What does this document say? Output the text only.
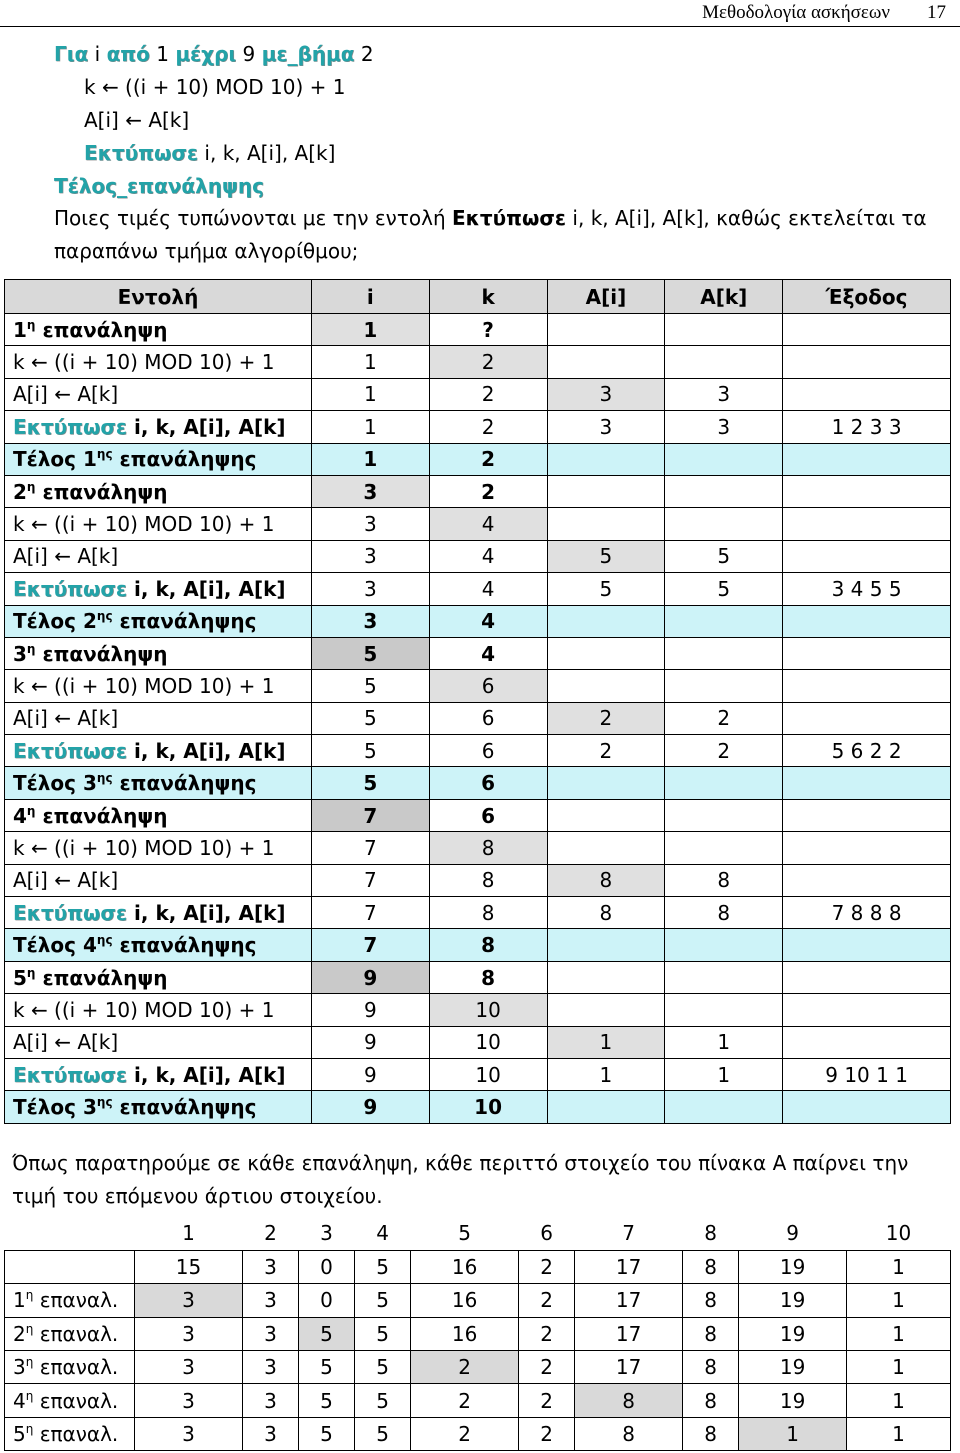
Μεθοδολογία ασκήσεων 17
Για i από 1 μέχρι 9 με_βήμα 2
k ← ((i + 10) MOD 10) + 1
A[i] ← A[k]
Εκτύπωσε i, k, A[i], A[k]
Τέλος_επανάληψης
Ποιες τιμές τυπώνονται με την εντολή Εκτύπωσε i, k, A[i], A[k], καθώς εκτελείται τα παραπάνω τμήμα αλγορίθμου;
Εντολή	i	k	A[i]	A[k]	Έξοδος
$1^\eta$ επανάληψη	1	?			
k ← ((i + 10) MOD 10) + 1	1	2			
A[i] ← A[k]	1	2	3	3	
Εκτύπωσε i, k, A[i], A[k]	1	2	3	3	1 2 3 3
Τέλος $1^{\eta\varsigma}$ επανάληψης	1	2			
$2^\eta$ επανάληψη	3	2			
k ← ((i + 10) MOD 10) + 1	3	4			
A[i] ← A[k]	3	4	5	5	
Εκτύπωσε i, k, A[i], A[k]	3	4	5	5	3 4 5 5
Τέλος $2^{\eta\varsigma}$ επανάληψης	3	4			
$3^\eta$ επανάληψη	5	4			
k ← ((i + 10) MOD 10) + 1	5	6			
A[i] ← A[k]	5	6	2	2	
Εκτύπωσε i, k, A[i], A[k]	5	6	2	2	5 6 2 2
Τέλος $3^{\eta\varsigma}$ επανάληψης	5	6			
$4^\eta$ επανάληψη	7	6			
k ← ((i + 10) MOD 10) + 1	7	8			
A[i] ← A[k]	7	8	8	8	
Εκτύπωσε i, k, A[i], A[k]	7	8	8	8	7 8 8 8
Τέλος $4^{\eta\varsigma}$ επανάληψης	7	8			
$5^\eta$ επανάληψη	9	8			
k ← ((i + 10) MOD 10) + 1	9	10			
A[i] ← A[k]	9	10	1	1	
Εκτύπωσε i, k, A[i], A[k]	9	10	1	1	9 10 1 1
Τέλος $3^{\eta\varsigma}$ επανάληψης	9	10			
Όπως παρατηρούμε σε κάθε επανάληψη, κάθε περιττό στοιχείο του πίνακα Α παίρνει την τιμή του επόμενου άρτιου στοιχείου.
	1	2	3	4	5	6	7	8	9	10
	15	3	0	5	16	2	17	8	19	1
$1^\eta$ επαναλ.	3	3	0	5	16	2	17	8	19	1
$2^\eta$ επαναλ.	3	3	5	5	16	2	17	8	19	1
$3^\eta$ επαναλ.	3	3	5	5	2	2	17	8	19	1
$4^\eta$ επαναλ.	3	3	5	5	2	2	8	8	19	1
$5^\eta$ επαναλ.	3	3	5	5	2	2	8	8	1	1
